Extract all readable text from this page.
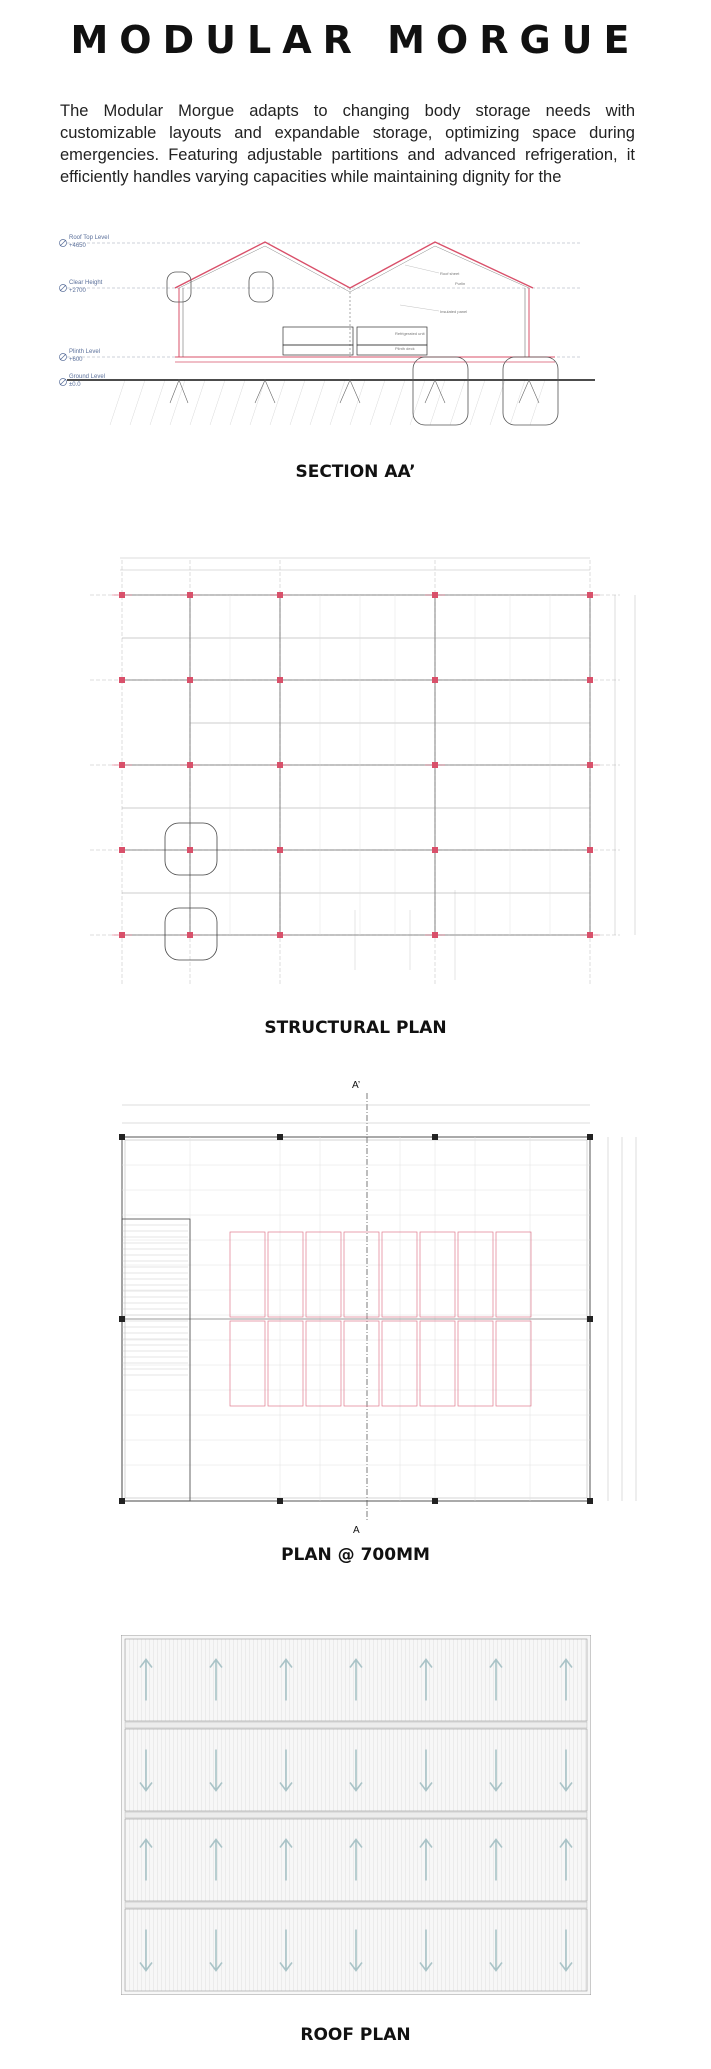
MODULAR MORGUE
The Modular Morgue adapts to changing body storage needs with customizable layouts and expandable storage, optimizing space during emergencies. Featuring adjustable partitions and advanced refrigeration, it efficiently handles varying capacities while maintaining dignity for the
Roof Top Level
+4650
Clear Height
+2700
Plinth Level
+600
Ground Level
±0.0
Roof sheet
Purlin
Insulated panel
Refrigerated unit
Plinth deck
SECTION AA’
STRUCTURAL PLAN
A’
A
PLAN @ 700MM
ROOF PLAN
